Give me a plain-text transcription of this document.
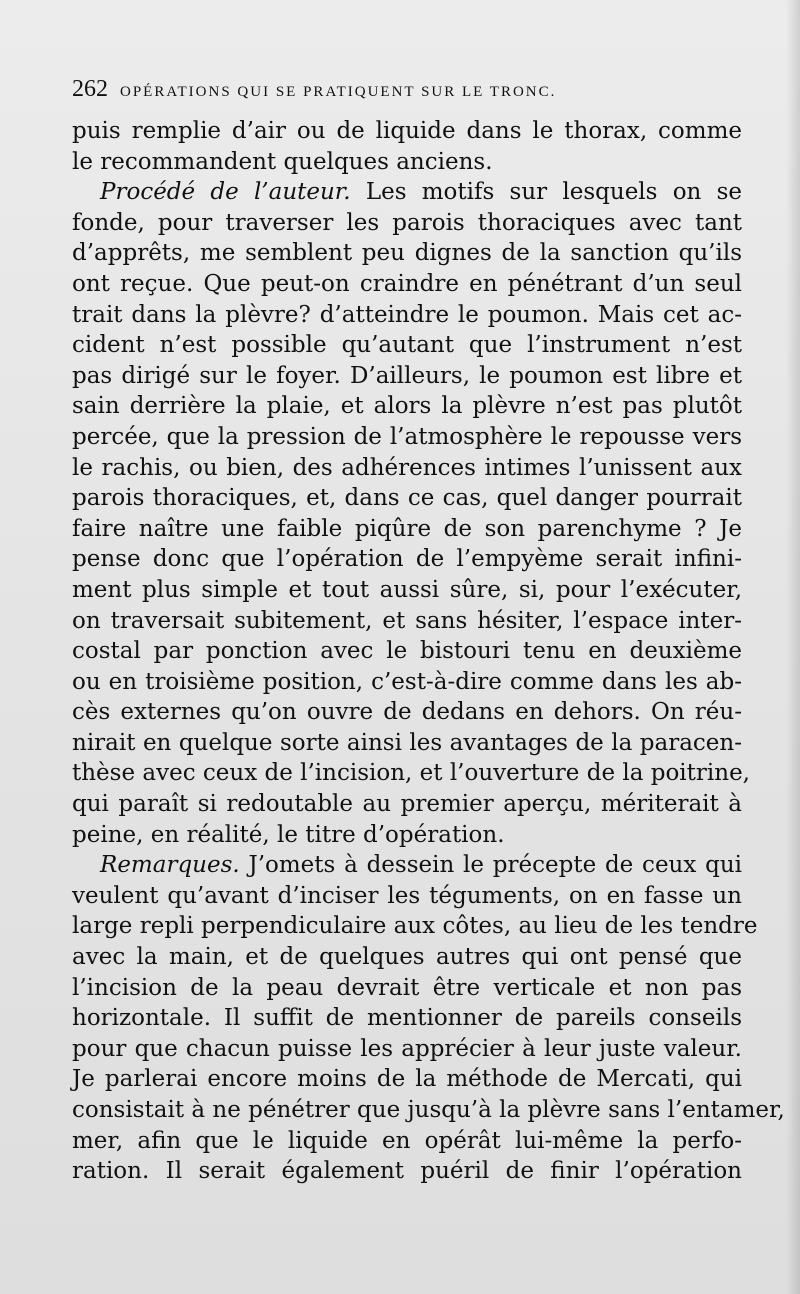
262 OPÉRATIONS QUI SE PRATIQUENT SUR LE TRONC.
puis remplie d’air ou de liquide dans le thorax, comme
le recommandent quelques anciens.
Procédé de l’auteur. Les motifs sur lesquels on se
fonde, pour traverser les parois thoraciques avec tant
d’apprêts, me semblent peu dignes de la sanction qu’ils
ont reçue. Que peut-on craindre en pénétrant d’un seul
trait dans la plèvre? d’atteindre le poumon. Mais cet ac-
cident n’est possible qu’autant que l’instrument n’est
pas dirigé sur le foyer. D’ailleurs, le poumon est libre et
sain derrière la plaie, et alors la plèvre n’est pas plutôt
percée, que la pression de l’atmosphère le repousse vers
le rachis, ou bien, des adhérences intimes l’unissent aux
parois thoraciques, et, dans ce cas, quel danger pourrait
faire naître une faible piqûre de son parenchyme ? Je
pense donc que l’opération de l’empyème serait infini-
ment plus simple et tout aussi sûre, si, pour l’exécuter,
on traversait subitement, et sans hésiter, l’espace inter-
costal par ponction avec le bistouri tenu en deuxième
ou en troisième position, c’est-à-dire comme dans les ab-
cès externes qu’on ouvre de dedans en dehors. On réu-
nirait en quelque sorte ainsi les avantages de la paracen-
thèse avec ceux de l’incision, et l’ouverture de la poitrine,
qui paraît si redoutable au premier aperçu, mériterait à
peine, en réalité, le titre d’opération.
Remarques. J’omets à dessein le précepte de ceux qui
veulent qu’avant d’inciser les téguments, on en fasse un
large repli perpendiculaire aux côtes, au lieu de les tendre
avec la main, et de quelques autres qui ont pensé que
l’incision de la peau devrait être verticale et non pas
horizontale. Il suffit de mentionner de pareils conseils
pour que chacun puisse les apprécier à leur juste valeur.
Je parlerai encore moins de la méthode de Mercati, qui
consistait à ne pénétrer que jusqu’à la plèvre sans l’entamer,
mer, afin que le liquide en opérât lui-même la perfo-
ration. Il serait également puéril de finir l’opération
